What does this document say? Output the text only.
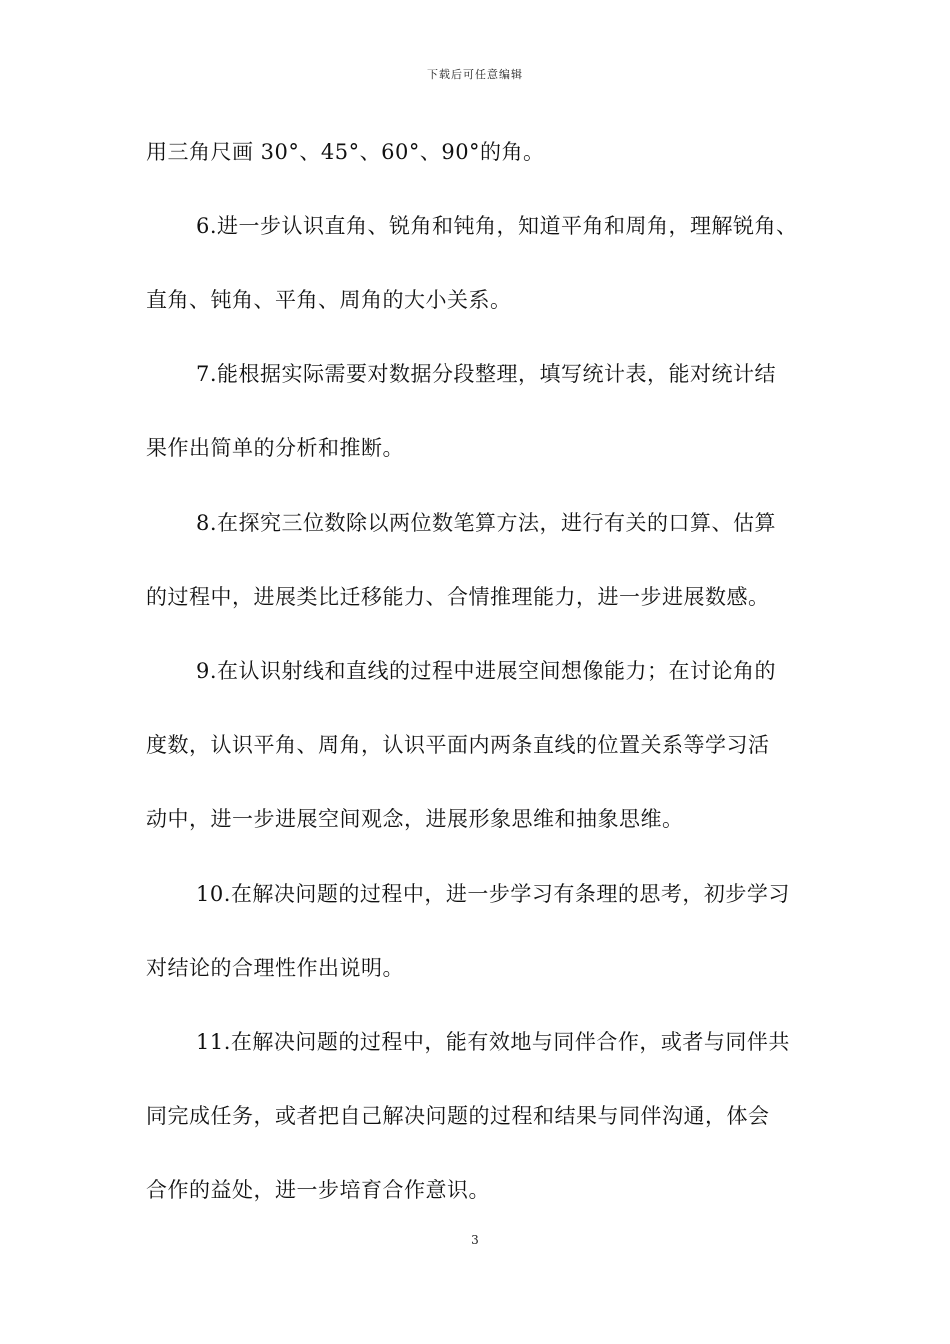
下载后可任意编辑
用三角尺画 30°、45°、60°、90°的角。
6.进一步认识直角、锐角和钝角，知道平角和周角，理解锐角、
直角、钝角、平角、周角的大小关系。
7.能根据实际需要对数据分段整理，填写统计表，能对统计结
果作出简单的分析和推断。
8.在探究三位数除以两位数笔算方法，进行有关的口算、估算
的过程中，进展类比迁移能力、合情推理能力，进一步进展数感。
9.在认识射线和直线的过程中进展空间想像能力；在讨论角的
度数，认识平角、周角，认识平面内两条直线的位置关系等学习活
动中，进一步进展空间观念，进展形象思维和抽象思维。
10.在解决问题的过程中，进一步学习有条理的思考，初步学习
对结论的合理性作出说明。
11.在解决问题的过程中，能有效地与同伴合作，或者与同伴共
同完成任务，或者把自己解决问题的过程和结果与同伴沟通，体会
合作的益处，进一步培育合作意识。
3
